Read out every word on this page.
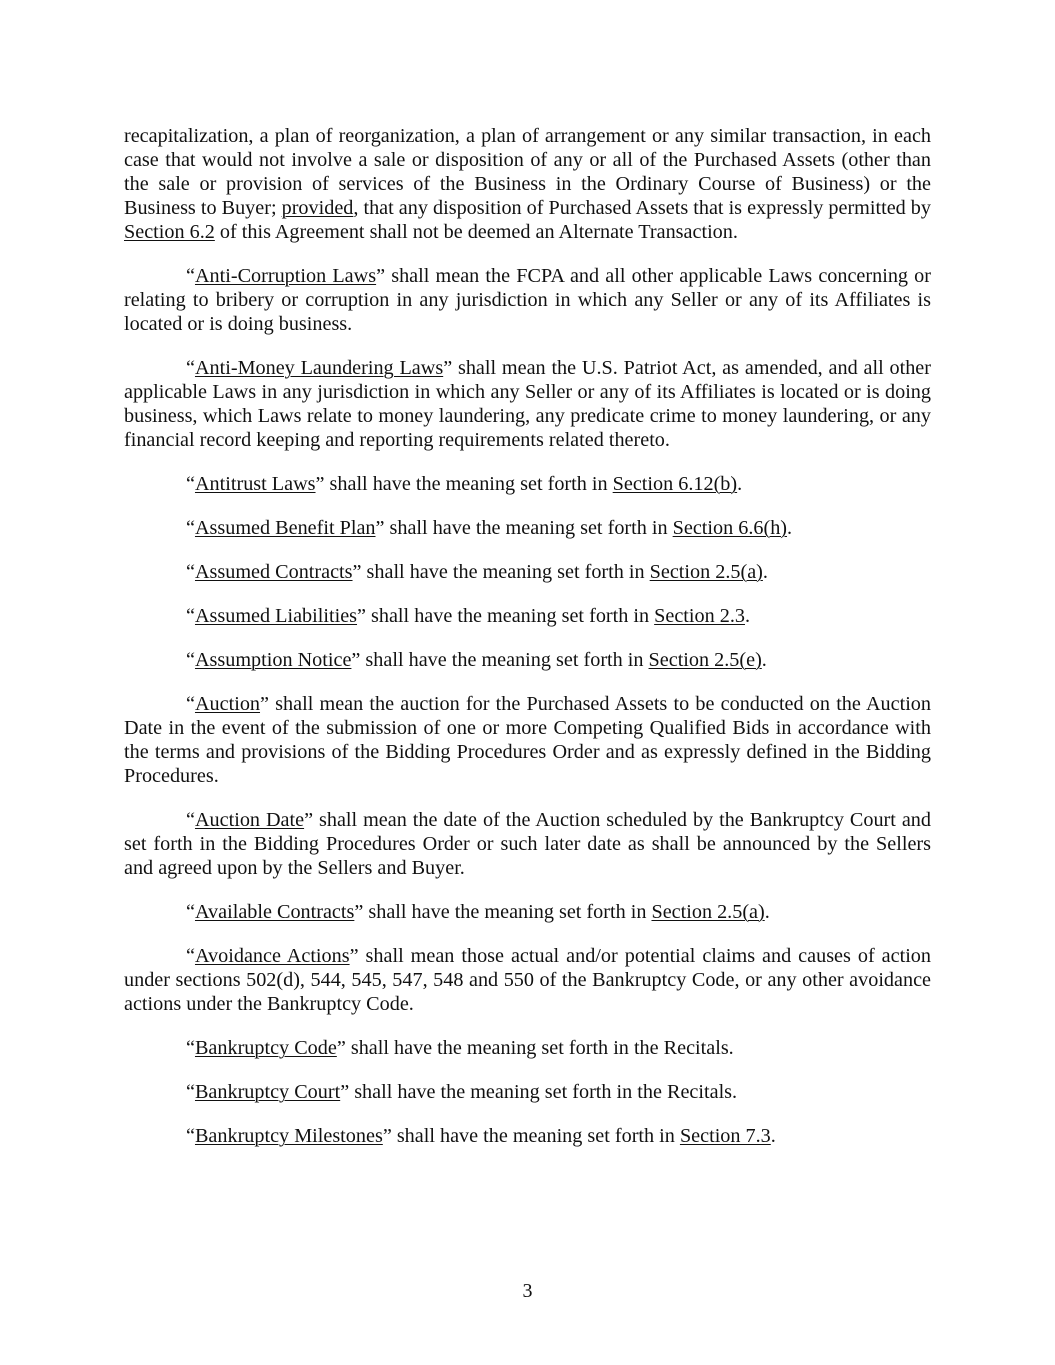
recapitalization, a plan of reorganization, a plan of arrangement or any similar transaction, in each case that would not involve a sale or disposition of any or all of the Purchased Assets (other than the sale or provision of services of the Business in the Ordinary Course of Business) or the Business to Buyer; provided, that any disposition of Purchased Assets that is expressly permitted by Section 6.2 of this Agreement shall not be deemed an Alternate Transaction.

“Anti-Corruption Laws” shall mean the FCPA and all other applicable Laws concerning or relating to bribery or corruption in any jurisdiction in which any Seller or any of its Affiliates is located or is doing business.

“Anti-Money Laundering Laws” shall mean the U.S. Patriot Act, as amended, and all other applicable Laws in any jurisdiction in which any Seller or any of its Affiliates is located or is doing business, which Laws relate to money laundering, any predicate crime to money laundering, or any financial record keeping and reporting requirements related thereto.

“Antitrust Laws” shall have the meaning set forth in Section 6.12(b).

“Assumed Benefit Plan” shall have the meaning set forth in Section 6.6(h).

“Assumed Contracts” shall have the meaning set forth in Section 2.5(a).

“Assumed Liabilities” shall have the meaning set forth in Section 2.3.

“Assumption Notice” shall have the meaning set forth in Section 2.5(e).

“Auction” shall mean the auction for the Purchased Assets to be conducted on the Auction Date in the event of the submission of one or more Competing Qualified Bids in accordance with the terms and provisions of the Bidding Procedures Order and as expressly defined in the Bidding Procedures.

“Auction Date” shall mean the date of the Auction scheduled by the Bankruptcy Court and set forth in the Bidding Procedures Order or such later date as shall be announced by the Sellers and agreed upon by the Sellers and Buyer.

“Available Contracts” shall have the meaning set forth in Section 2.5(a).

“Avoidance Actions” shall mean those actual and/or potential claims and causes of action under sections 502(d), 544, 545, 547, 548 and 550 of the Bankruptcy Code, or any other avoidance actions under the Bankruptcy Code.

“Bankruptcy Code” shall have the meaning set forth in the Recitals.

“Bankruptcy Court” shall have the meaning set forth in the Recitals.

“Bankruptcy Milestones” shall have the meaning set forth in Section 7.3.

3
